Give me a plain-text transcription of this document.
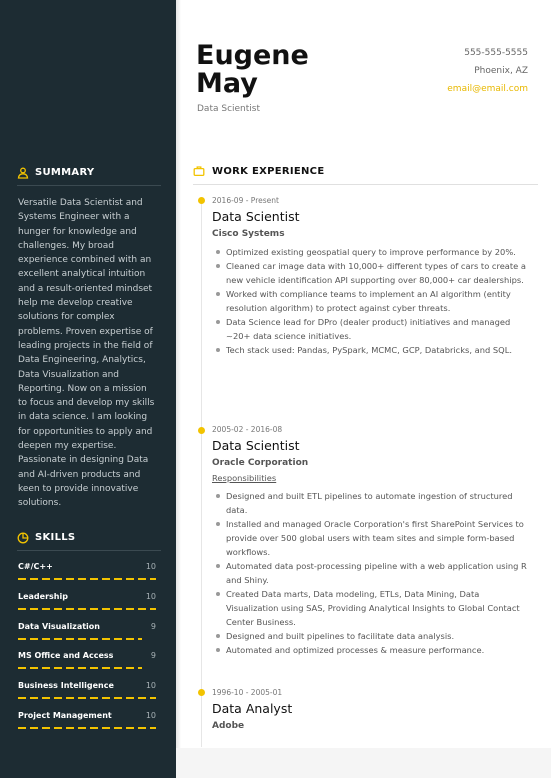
SUMMARY
Versatile Data Scientist and Systems Engineer with a hunger for knowledge and challenges. My broad experience combined with an excellent analytical intuition and a result-oriented mindset help me develop creative solutions for complex problems. Proven expertise of leading projects in the field of Data Engineering, Analytics, Data Visualization and Reporting. Now on a mission to focus and develop my skills in data science. I am looking for opportunities to apply and deepen my expertise. Passionate in designing Data and AI-driven products and keen to provide innovative solutions.
SKILLS
C#/C++	10
Leadership	10
Data Visualization	9
MS Office and Access	9
Business Intelligence	10
Project Management	10
Eugene
May
Data Scientist
555-555-5555
Phoenix, AZ
email@email.com
WORK EXPERIENCE
2016-09 - Present
Data Scientist
Cisco Systems
Optimized existing geospatial query to improve performance by 20%.
Cleaned car image data with 10,000+ different types of cars to create a new vehicle identification API supporting over 80,000+ car dealerships.
Worked with compliance teams to implement an AI algorithm (entity resolution algorithm) to protect against cyber threats.
Data Science lead for DPro (dealer product) initiatives and managed ~20+ data science initiatives.
Tech stack used: Pandas, PySpark, MCMC, GCP, Databricks, and SQL.
2005-02 - 2016-08
Data Scientist
Oracle Corporation
Responsibilities
Designed and built ETL pipelines to automate ingestion of structured data.
Installed and managed Oracle Corporation's first SharePoint Services to provide over 500 global users with team sites and simple form-based workflows.
Automated data post-processing pipeline with a web application using R and Shiny.
Created Data marts, Data modeling, ETLs, Data Mining, Data Visualization using SAS, Providing Analytical Insights to Global Contact Center Business.
Designed and built pipelines to facilitate data analysis.
Automated and optimized processes & measure performance.
1996-10 - 2005-01
Data Analyst
Adobe
